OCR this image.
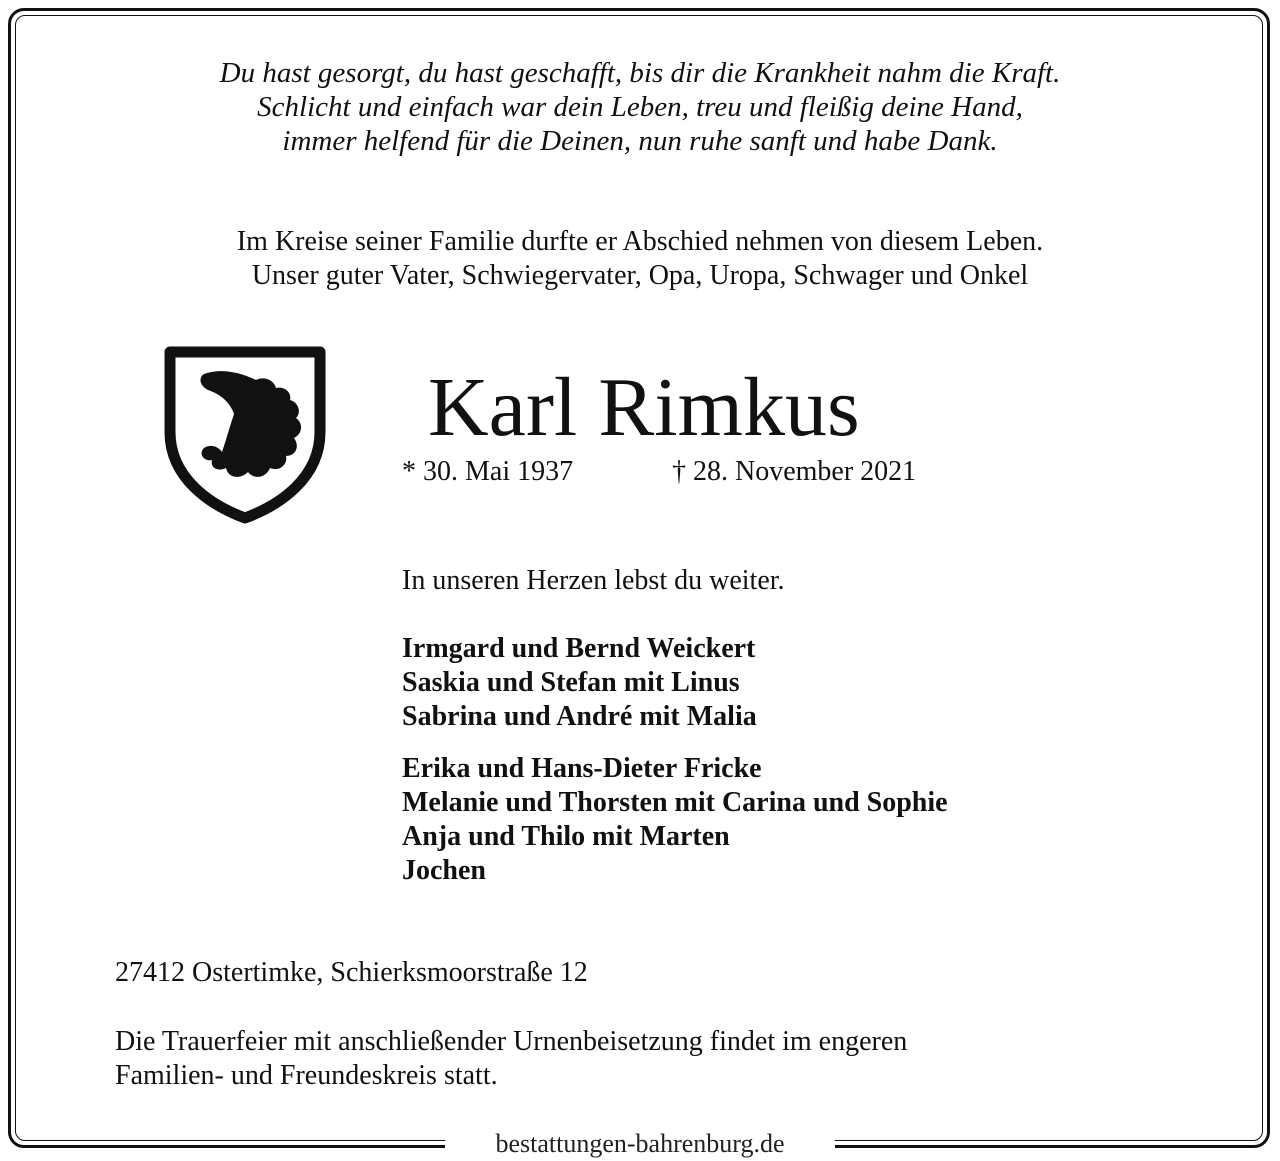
bestattungen-bahrenburg.de
Du hast gesorgt, du hast geschafft, bis dir die Krankheit nahm die Kraft.
Schlicht und einfach war dein Leben, treu und fleißig deine Hand,
immer helfend für die Deinen, nun ruhe sanft und habe Dank.
Im Kreise seiner Familie durfte er Abschied nehmen von diesem Leben.
Unser guter Vater, Schwiegervater, Opa, Uropa, Schwager und Onkel
Karl Rimkus
* 30. Mai 1937	† 28. November 2021
In unseren Herzen lebst du weiter.
Irmgard und Bernd Weickert
Saskia und Stefan mit Linus
Sabrina und André mit Malia
Erika und Hans-Dieter Fricke
Melanie und Thorsten mit Carina und Sophie
Anja und Thilo mit Marten
Jochen
27412 Ostertimke, Schierksmoorstraße 12
Die Trauerfeier mit anschließender Urnenbeisetzung findet im engeren
Familien- und Freundeskreis statt.
